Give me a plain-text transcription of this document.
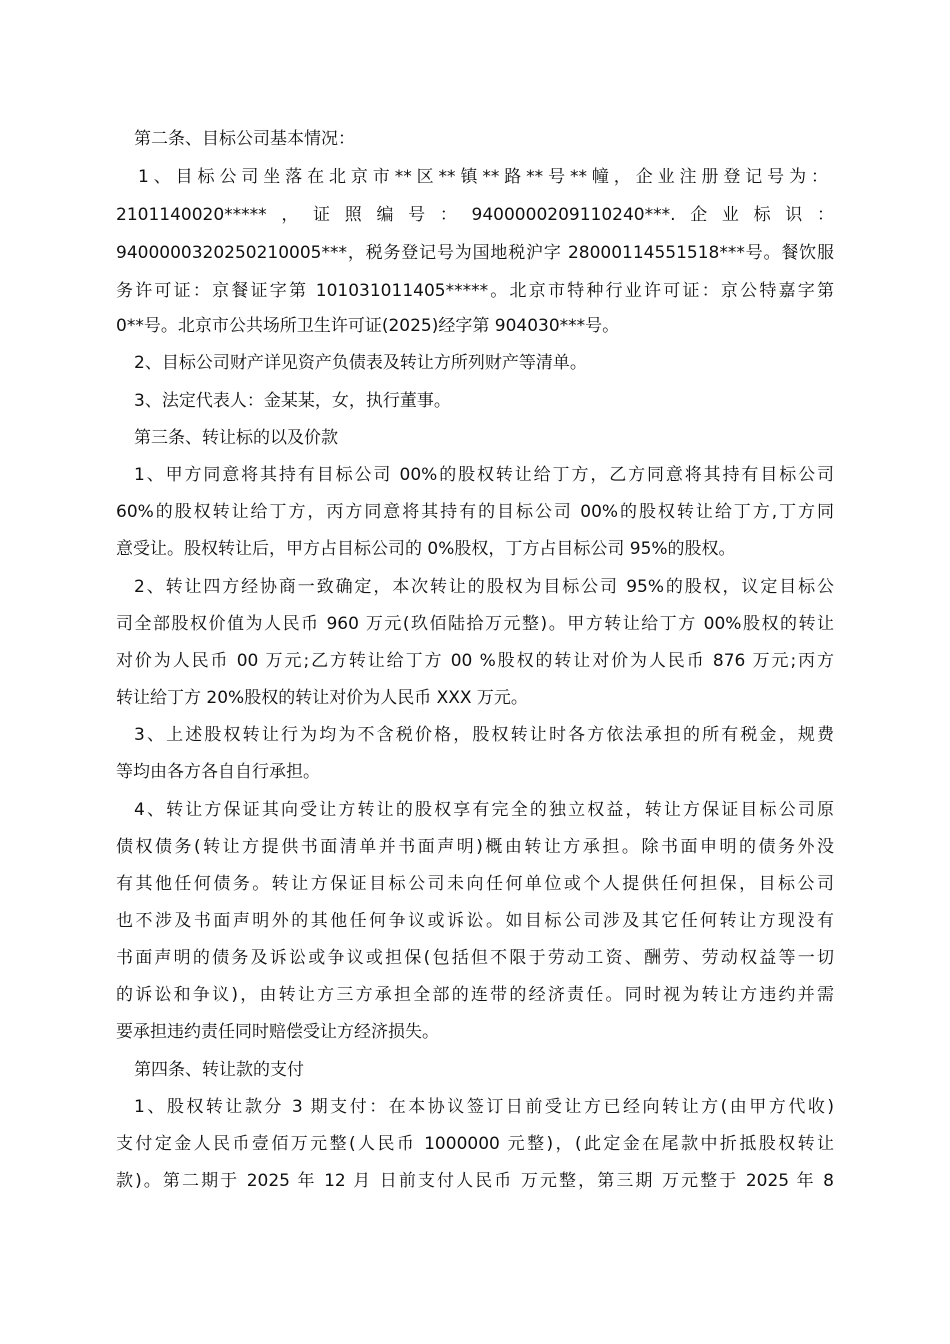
第二条、目标公司基本情况：
1、目标公司坐落在北京市**区**镇**路**号**幢，企业注册登记号为：
2101140020*****，证照编号：9400000209110240***.企业标识：
9400000320250210005***，税务登记号为国地税沪字 28000114551518***号。餐饮服
务许可证：京餐证字第 101031011405*****。北京市特种行业许可证：京公特嘉字第
0**号。北京市公共场所卫生许可证(2025)经字第 904030***号。
2、目标公司财产详见资产负债表及转让方所列财产等清单。
3、法定代表人：金某某，女，执行董事。
第三条、转让标的以及价款
1、甲方同意将其持有目标公司 00%的股权转让给丁方，乙方同意将其持有目标公司
60%的股权转让给丁方，丙方同意将其持有的目标公司 00%的股权转让给丁方,丁方同
意受让。股权转让后，甲方占目标公司的 0%股权，丁方占目标公司 95%的股权。
2、转让四方经协商一致确定，本次转让的股权为目标公司 95%的股权，议定目标公
司全部股权价值为人民币 960 万元(玖佰陆拾万元整)。甲方转让给丁方 00%股权的转让
对价为人民币 00 万元;乙方转让给丁方 00 %股权的转让对价为人民币 876 万元;丙方
转让给丁方 20%股权的转让对价为人民币 XXX 万元。
3、上述股权转让行为均为不含税价格，股权转让时各方依法承担的所有税金，规费
等均由各方各自自行承担。
4、转让方保证其向受让方转让的股权享有完全的独立权益，转让方保证目标公司原
债权债务(转让方提供书面清单并书面声明)概由转让方承担。除书面申明的债务外没
有其他任何债务。转让方保证目标公司未向任何单位或个人提供任何担保，目标公司
也不涉及书面声明外的其他任何争议或诉讼。如目标公司涉及其它任何转让方现没有
书面声明的债务及诉讼或争议或担保(包括但不限于劳动工资、酬劳、劳动权益等一切
的诉讼和争议)，由转让方三方承担全部的连带的经济责任。同时视为转让方违约并需
要承担违约责任同时赔偿受让方经济损失。
第四条、转让款的支付
1、股权转让款分 3 期支付：在本协议签订日前受让方已经向转让方(由甲方代收)
支付定金人民币壹佰万元整(人民币 1000000 元整)，(此定金在尾款中折抵股权转让
款)。第二期于 2025 年 12 月 日前支付人民币 万元整，第三期 万元整于 2025 年 8
